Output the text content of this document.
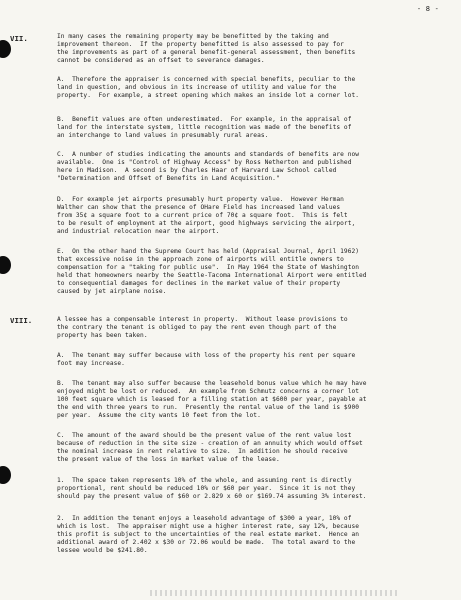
- 8 -
VII.	In many cases the remaining property may be benefitted by the taking and
improvement thereon.  If the property benefitted is also assessed to pay for
the improvements as part of a general benefit-general assessment, then benefits
cannot be considered as an offset to severance damages.

A.  Therefore the appraiser is concerned with special benefits, peculiar to the
land in question, and obvious in its increase of utility and value for the
property.  For example, a street opening which makes an inside lot a corner lot.

B.  Benefit values are often underestimated.  For example, in the appraisal of
land for the interstate system, little recognition was made of the benefits of
an interchange to land values in presumably rural areas.

C.  A number of studies indicating the amounts and standards of benefits are now
available.  One is "Control of Highway Access" by Ross Netherton and published
here in Madison.  A second is by Charles Haar of Harvard Law School called
"Determination and Offset of Benefits in Land Acquisition."

D.  For example jet airports presumably hurt property value.  However Herman
Walther can show that the presence of OHare Field has increased land values
from 35¢ a square foot to a current price of 70¢ a square foot.  This is felt
to be result of employment at the airport, good highways servicing the airport,
and industrial relocation near the airport.

E.  On the other hand the Supreme Court has held (Appraisal Journal, April 1962)
that excessive noise in the approach zone of airports will entitle owners to
compensation for a "taking for public use".  In May 1964 the State of Washington
held that homeowners nearby the Seattle-Tacoma International Airport were entitled
to consequential damages for declines in the market value of their property
caused by jet airplane noise.

VIII.	A lessee has a compensable interest in property.  Without lease provisions to
the contrary the tenant is obliged to pay the rent even though part of the
property has been taken.

A.  The tenant may suffer because with loss of the property his rent per square
foot may increase.

B.  The tenant may also suffer because the leasehold bonus value which he may have
enjoyed might be lost or reduced.  An example from Schmutz concerns a corner lot
100 feet square which is leased for a filling station at $600 per year, payable at
the end with three years to run.  Presently the rental value of the land is $900
per year.  Assume the city wants 10 feet from the lot.

C.  The amount of the award should be the present value of the rent value lost
because of reduction in the site size - creation of an annuity which would offset
the nominal increase in rent relative to size.  In addition he should receive
the present value of the loss in market value of the lease.

1.  The space taken represents 10% of the whole, and assuming rent is directly
proportional, rent should be reduced 10% or $60 per year.  Since it is not they
should pay the present value of $60 or 2.829 x 60 or $169.74 assuming 3% interest.

2.  In addition the tenant enjoys a leasehold advantage of $300 a year, 10% of
which is lost.  The appraiser might use a higher interest rate, say 12%, because
this profit is subject to the uncertainties of the real estate market.  Hence an
additional award of 2.402 x $30 or 72.06 would be made.  The total award to the
lessee would be $241.80.
